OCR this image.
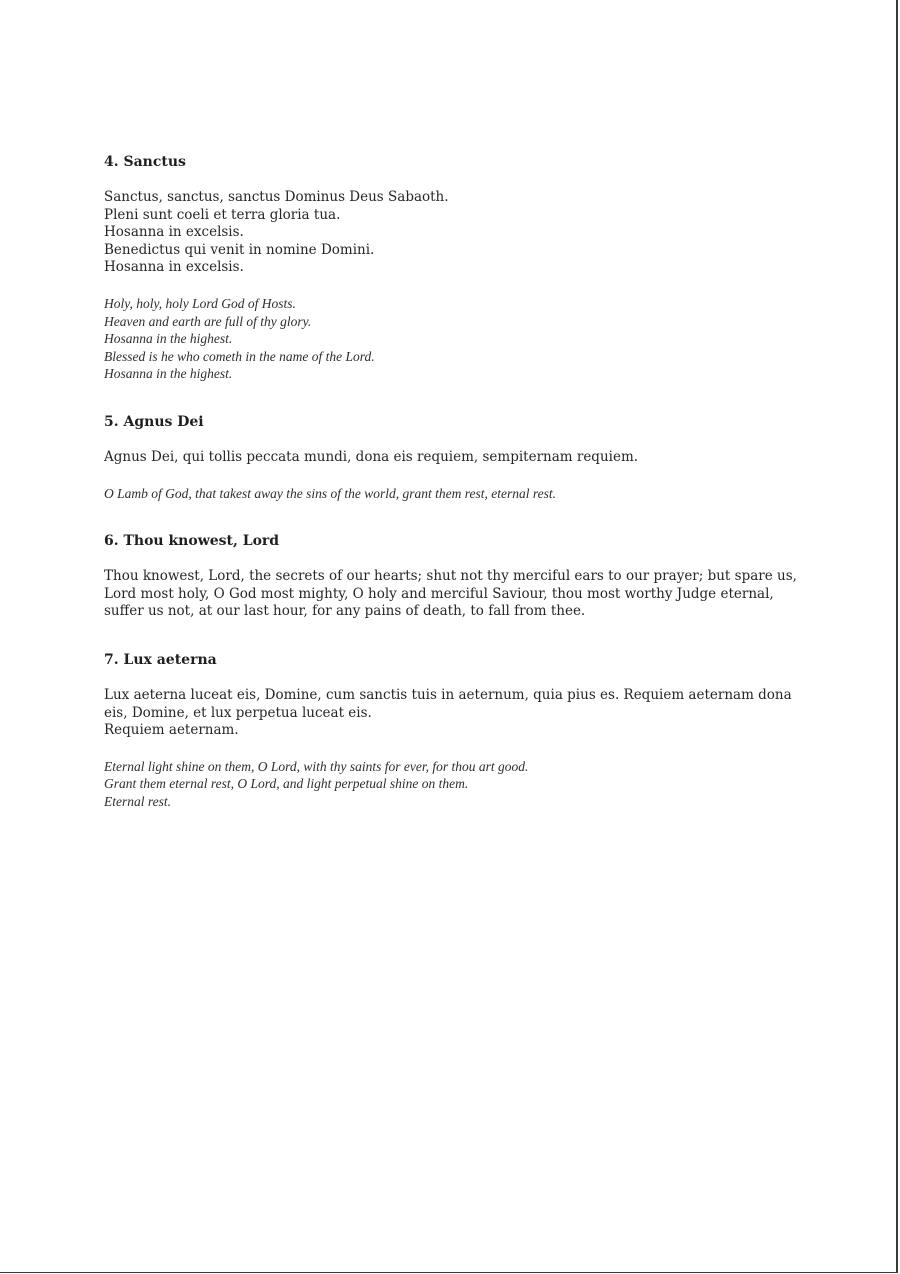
4. Sanctus
Sanctus, sanctus, sanctus Dominus Deus Sabaoth.
Pleni sunt coeli et terra gloria tua.
Hosanna in excelsis.
Benedictus qui venit in nomine Domini.
Hosanna in excelsis.
Holy, holy, holy Lord God of Hosts.
Heaven and earth are full of thy glory.
Hosanna in the highest.
Blessed is he who cometh in the name of the Lord.
Hosanna in the highest.
5. Agnus Dei
Agnus Dei, qui tollis peccata mundi, dona eis requiem, sempiternam requiem.
O Lamb of God, that takest away the sins of the world, grant them rest, eternal rest.
6. Thou knowest, Lord
Thou knowest, Lord, the secrets of our hearts; shut not thy merciful ears to our prayer; but spare us, Lord most holy, O God most mighty, O holy and merciful Saviour, thou most worthy Judge eternal, suffer us not, at our last hour, for any pains of death, to fall from thee.
7. Lux aeterna
Lux aeterna luceat eis, Domine, cum sanctis tuis in aeternum, quia pius es. Requiem aeternam dona eis, Domine, et lux perpetua luceat eis.
Requiem aeternam.
Eternal light shine on them, O Lord, with thy saints for ever, for thou art good.
Grant them eternal rest, O Lord, and light perpetual shine on them.
Eternal rest.
